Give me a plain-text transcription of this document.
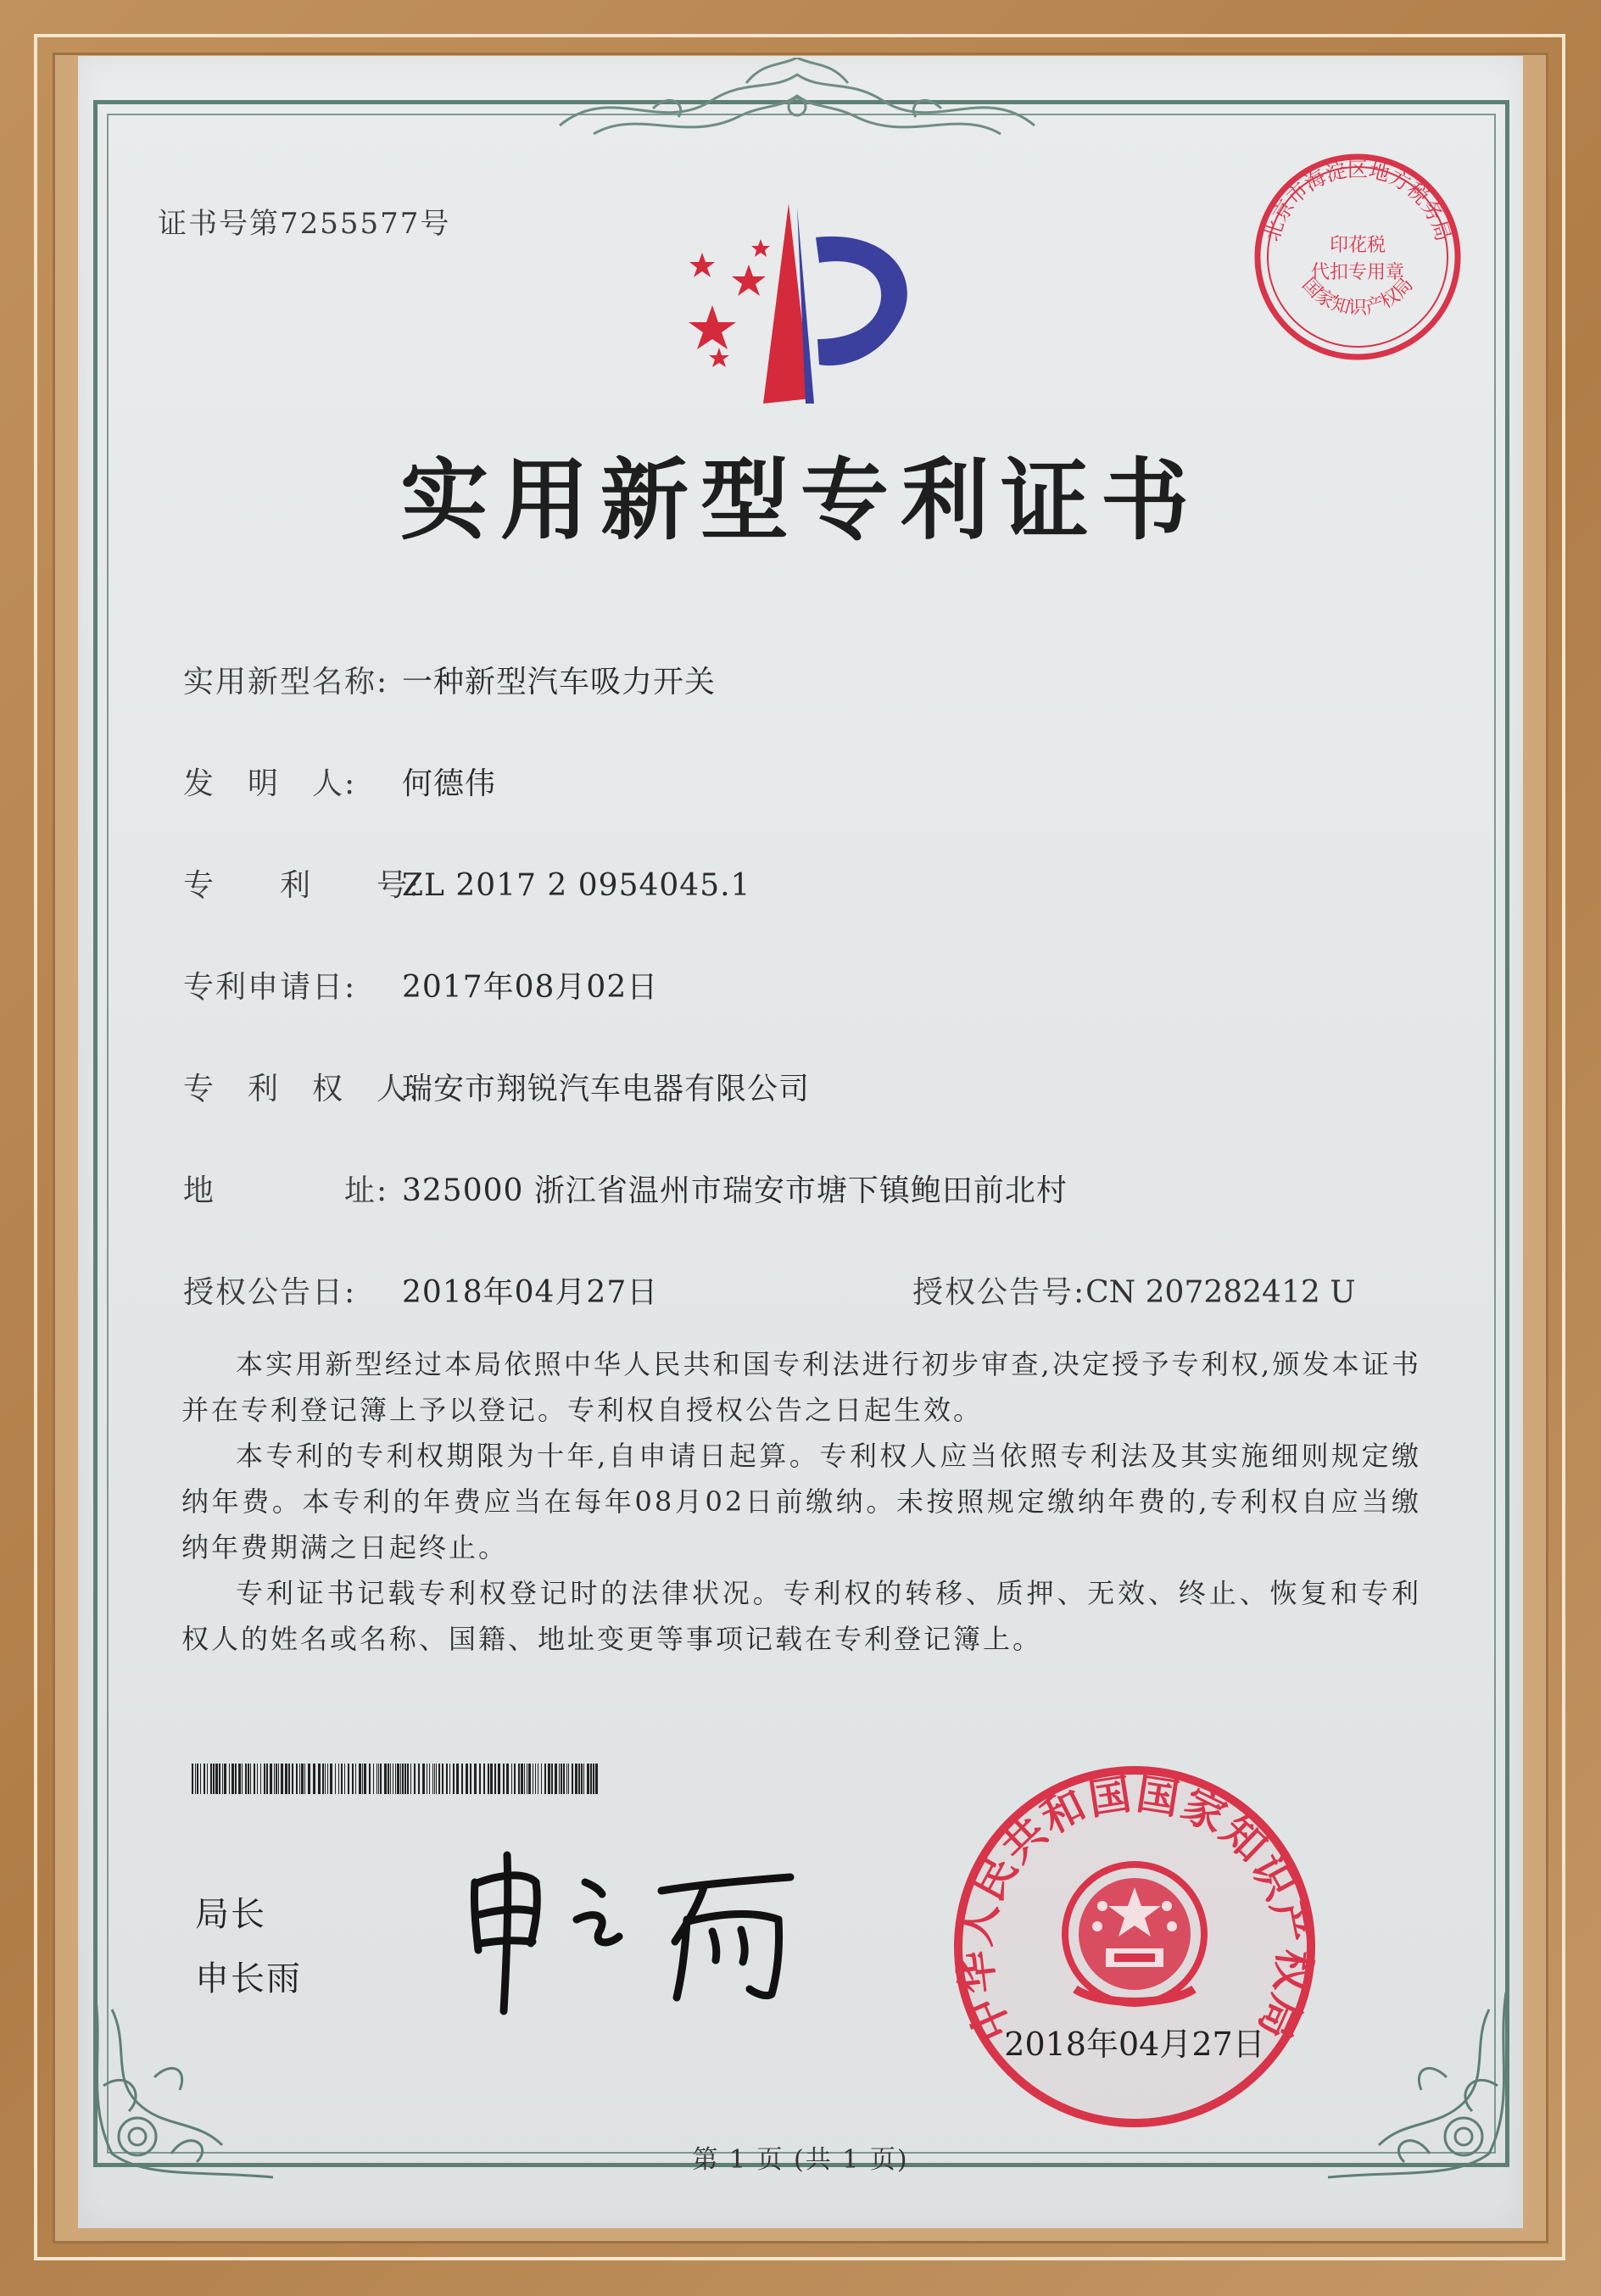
证书号第7255577号	北京市海淀区地方税务局
国家知识产权局
印花税
代扣专用章
实用新型专利证书
实用新型名称: 一种新型汽车吸力开关
发　明　人: 何德伟
专　　利　　号:ZL 2017 2 0954045.1
专利申请日: 2017年08月02日
专　利　权　人:瑞安市翔锐汽车电器有限公司
地　　　　址: 325000 浙江省温州市瑞安市塘下镇鲍田前北村
授权公告日: 2018年04月27日	授权公告号:CN 207282412 U

本实用新型经过本局依照中华人民共和国专利法进行初步审查,决定授予专利权,颁发本证书并在专利登记簿上予以登记。专利权自授权公告之日起生效。

本专利的专利权期限为十年,自申请日起算。专利权人应当依照专利法及其实施细则规定缴纳年费。本专利的年费应当在每年08月02日前缴纳。未按照规定缴纳年费的,专利权自应当缴纳年费期满之日起终止。

专利证书记载专利权登记时的法律状况。专利权的转移、质押、无效、终止、恢复和专利权人的姓名或名称、国籍、地址变更等事项记载在专利登记簿上。

局长
申长雨
中华人民共和国国家知识产权局
2018年04月27日
第 1 页 (共 1 页)
